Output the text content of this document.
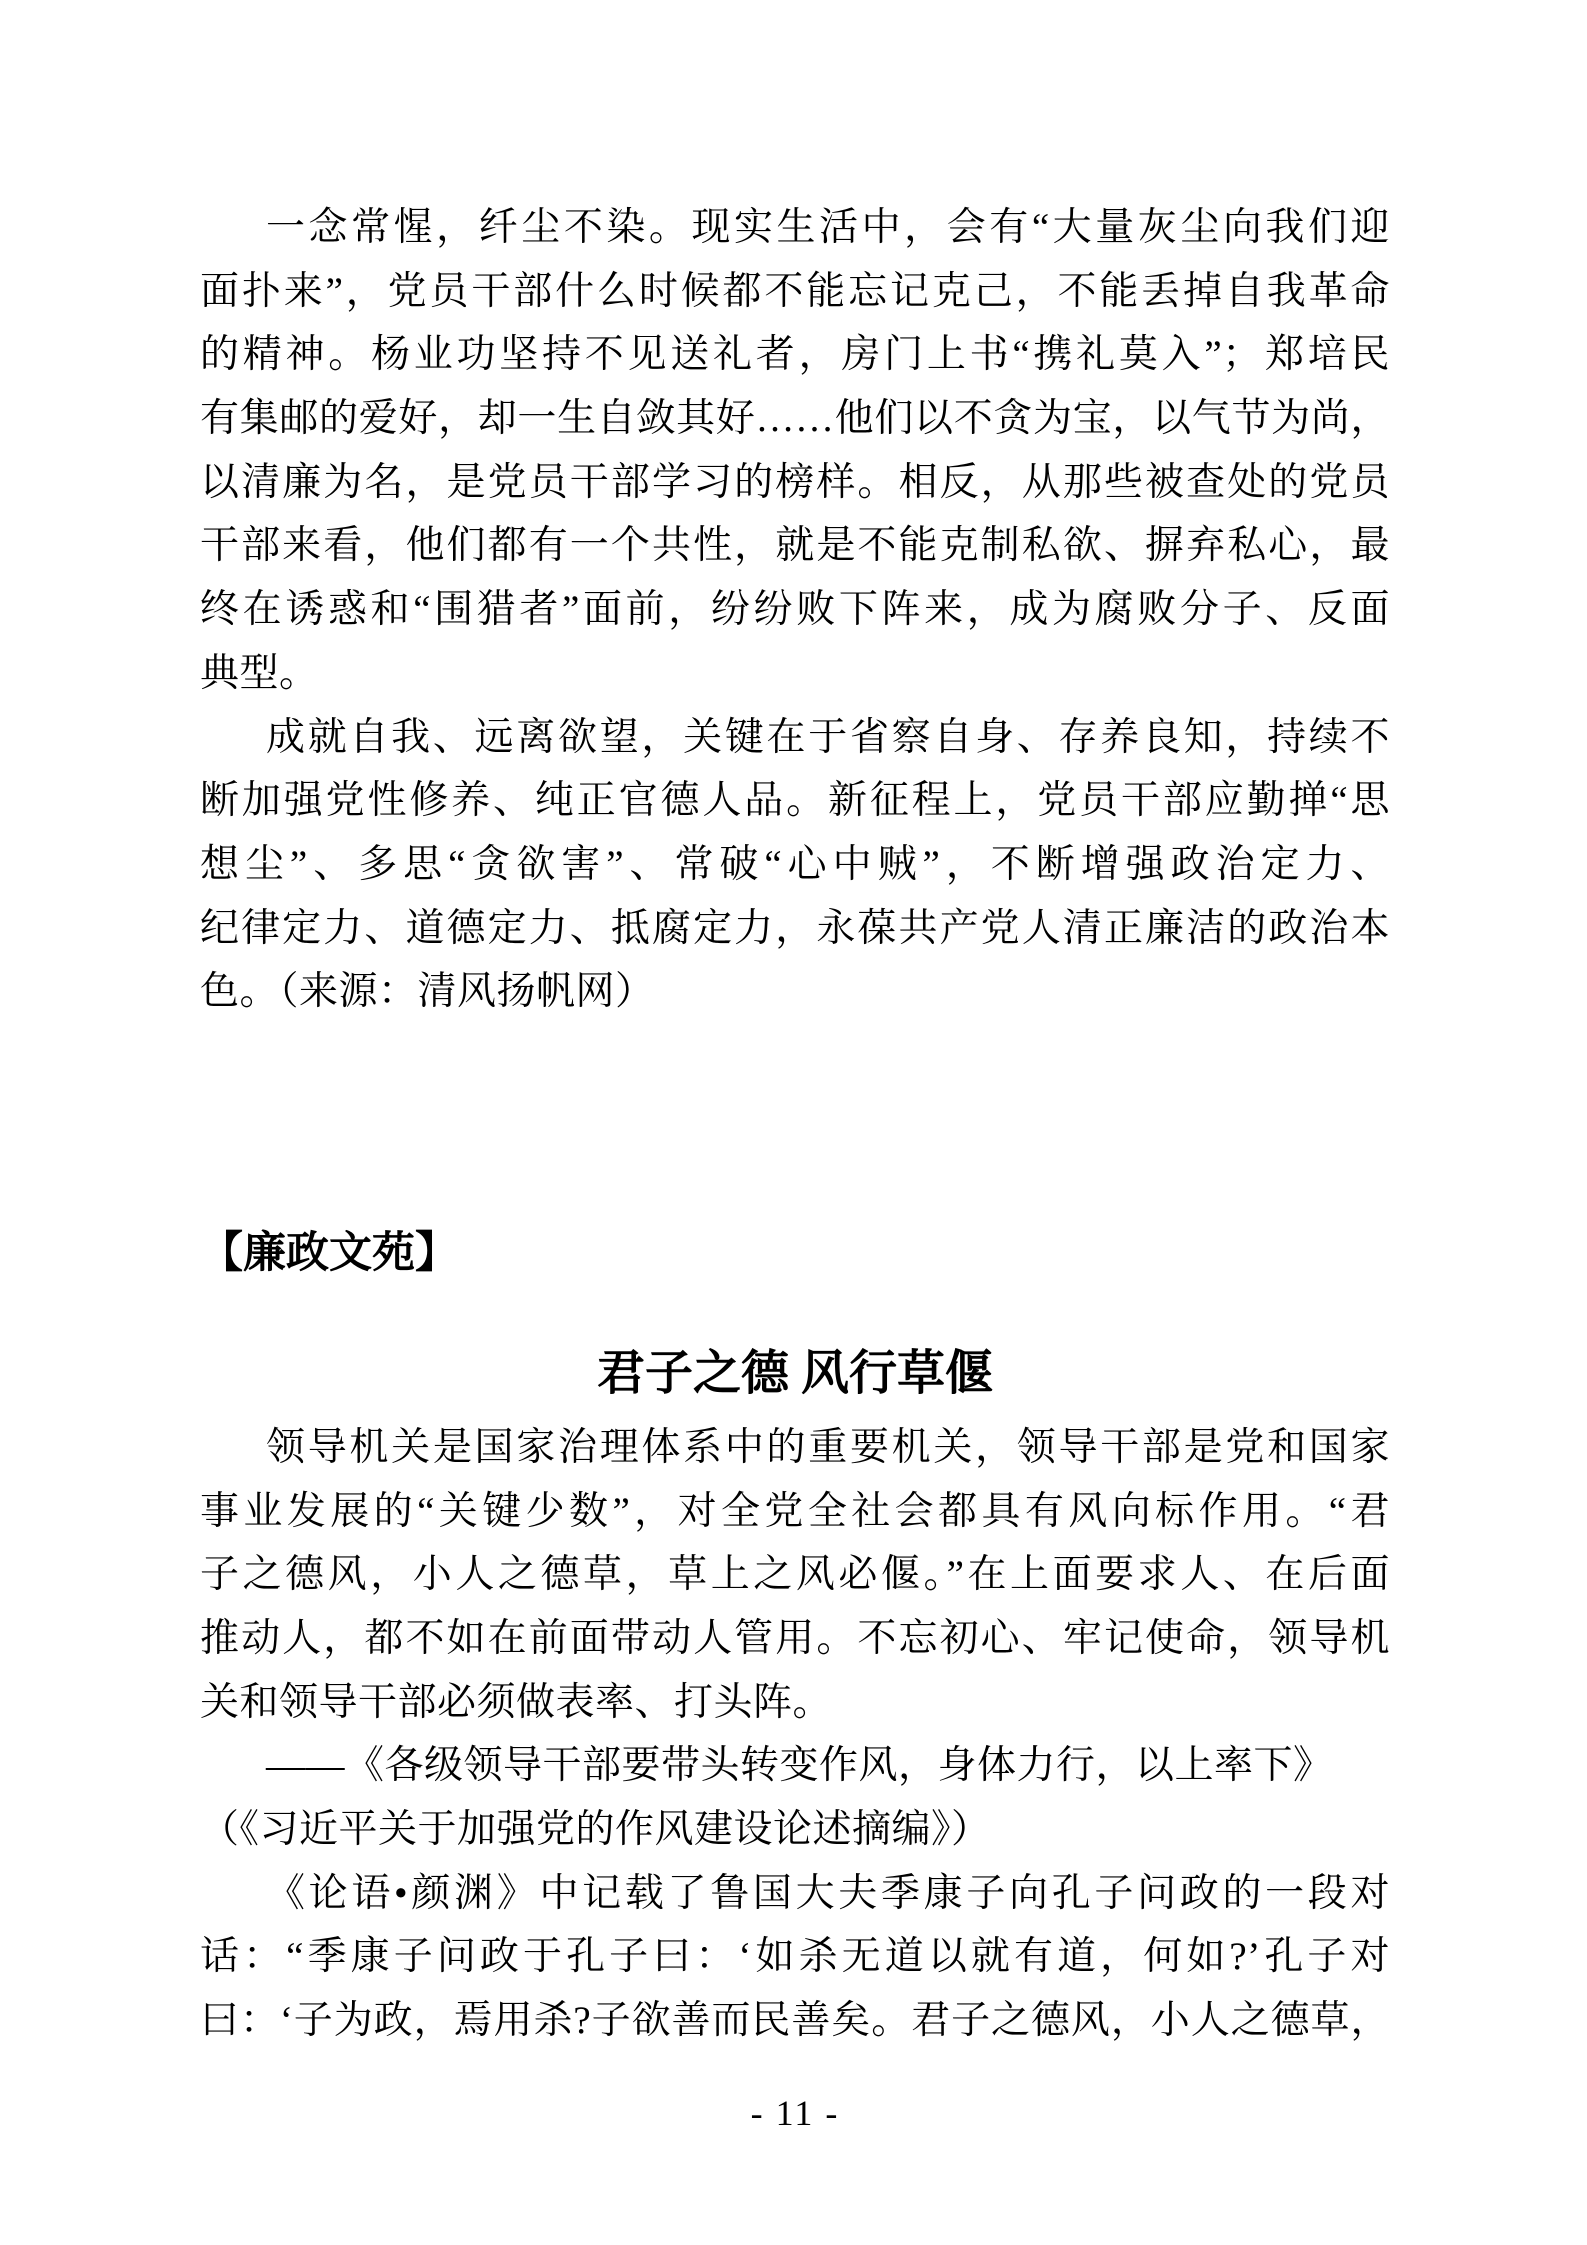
一念常惺，纤尘不染。现实生活中，会有“大量灰尘向我们迎
面扑来”，党员干部什么时候都不能忘记克己，不能丢掉自我革命
的精神。杨业功坚持不见送礼者，房门上书“携礼莫入”；郑培民
有集邮的爱好，却一生自敛其好……他们以不贪为宝，以气节为尚，
以清廉为名，是党员干部学习的榜样。相反，从那些被查处的党员
干部来看，他们都有一个共性，就是不能克制私欲、摒弃私心，最
终在诱惑和“围猎者”面前，纷纷败下阵来，成为腐败分子、反面
典型。
成就自我、远离欲望，关键在于省察自身、存养良知，持续不
断加强党性修养、纯正官德人品。新征程上，党员干部应勤掸“思
想尘”、多思“贪欲害”、常破“心中贼”，不断增强政治定力、
纪律定力、道德定力、抵腐定力，永葆共产党人清正廉洁的政治本
色。（来源：清风扬帆网）
【廉政文苑】
君子之德 风行草偃
领导机关是国家治理体系中的重要机关，领导干部是党和国家
事业发展的“关键少数”，对全党全社会都具有风向标作用。“君
子之德风，小人之德草，草上之风必偃。”在上面要求人、在后面
推动人，都不如在前面带动人管用。不忘初心、牢记使命，领导机
关和领导干部必须做表率、打头阵。
——《各级领导干部要带头转变作风，身体力行，以上率下》
（《习近平关于加强党的作风建设论述摘编》）
《论语•颜渊》中记载了鲁国大夫季康子向孔子问政的一段对
话：“季康子问政于孔子曰：‘如杀无道以就有道，何如?’孔子对
曰：‘子为政，焉用杀?子欲善而民善矣。君子之德风，小人之德草，
- 11 -
